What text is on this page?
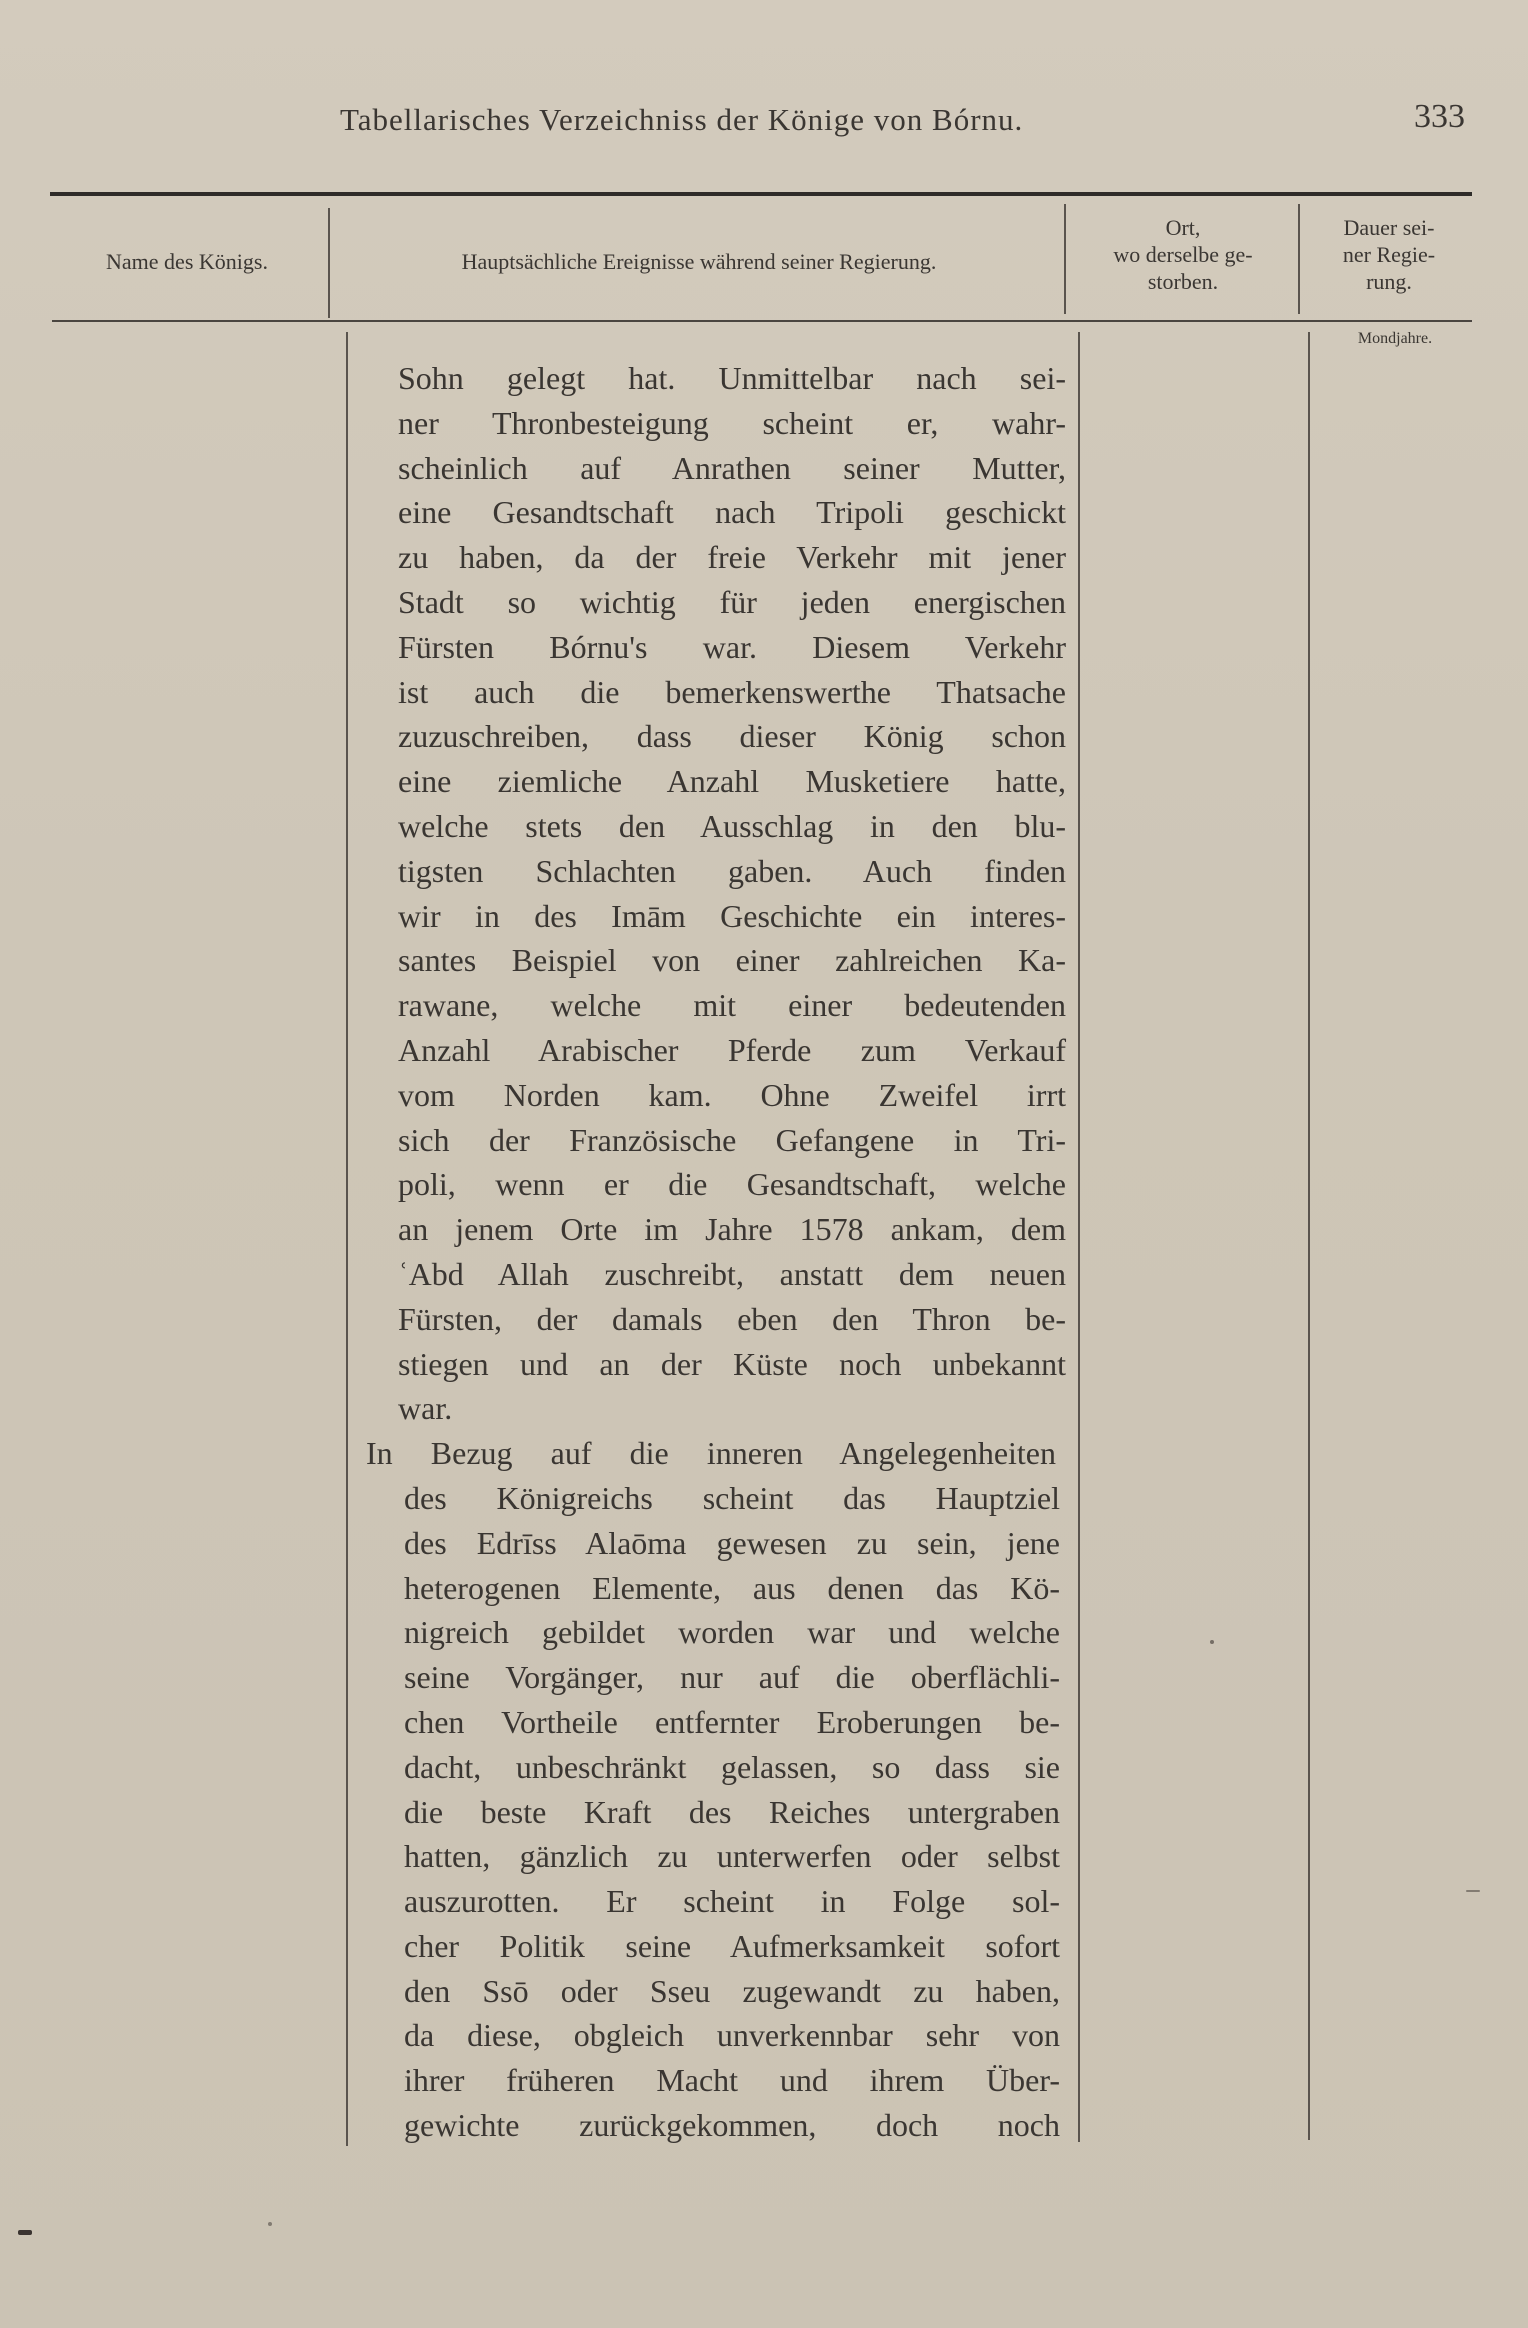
Tabellarisches Verzeichniss der Könige von Bórnu.	333
Name des Königs.	Hauptsächliche Ereignisse während seiner Regierung.
Ort,
wo derselbe ge-
storben.
Dauer sei-
ner Regie-
rung.
Mondjahre.
Sohn gelegt hat. Unmittelbar nach sei-
ner Thronbesteigung scheint er, wahr-
scheinlich auf Anrathen seiner Mutter,
eine Gesandtschaft nach Tripoli geschickt
zu haben, da der freie Verkehr mit jener
Stadt so wichtig für jeden energischen
Fürsten Bórnu's war. Diesem Verkehr
ist auch die bemerkenswerthe Thatsache
zuzuschreiben, dass dieser König schon
eine ziemliche Anzahl Musketiere hatte,
welche stets den Ausschlag in den blu-
tigsten Schlachten gaben. Auch finden
wir in des Imām Geschichte ein interes-
santes Beispiel von einer zahlreichen Ka-
rawane, welche mit einer bedeutenden
Anzahl Arabischer Pferde zum Verkauf
vom Norden kam. Ohne Zweifel irrt
sich der Französische Gefangene in Tri-
poli, wenn er die Gesandtschaft, welche
an jenem Orte im Jahre 1578 ankam, dem
ʿAbd Allah zuschreibt, anstatt dem neuen
Fürsten, der damals eben den Thron be-
stiegen und an der Küste noch unbekannt
war.
In Bezug auf die inneren Angelegenheiten
des Königreichs scheint das Hauptziel
des Edrīss Alaōma gewesen zu sein, jene
heterogenen Elemente, aus denen das Kö-
nigreich gebildet worden war und welche
seine Vorgänger, nur auf die oberflächli-
chen Vortheile entfernter Eroberungen be-
dacht, unbeschränkt gelassen, so dass sie
die beste Kraft des Reiches untergraben
hatten, gänzlich zu unterwerfen oder selbst
auszurotten. Er scheint in Folge sol-
cher Politik seine Aufmerksamkeit sofort
den Ssō oder Sseu zugewandt zu haben,
da diese, obgleich unverkennbar sehr von
ihrer früheren Macht und ihrem Über-
gewichte zurückgekommen, doch noch
